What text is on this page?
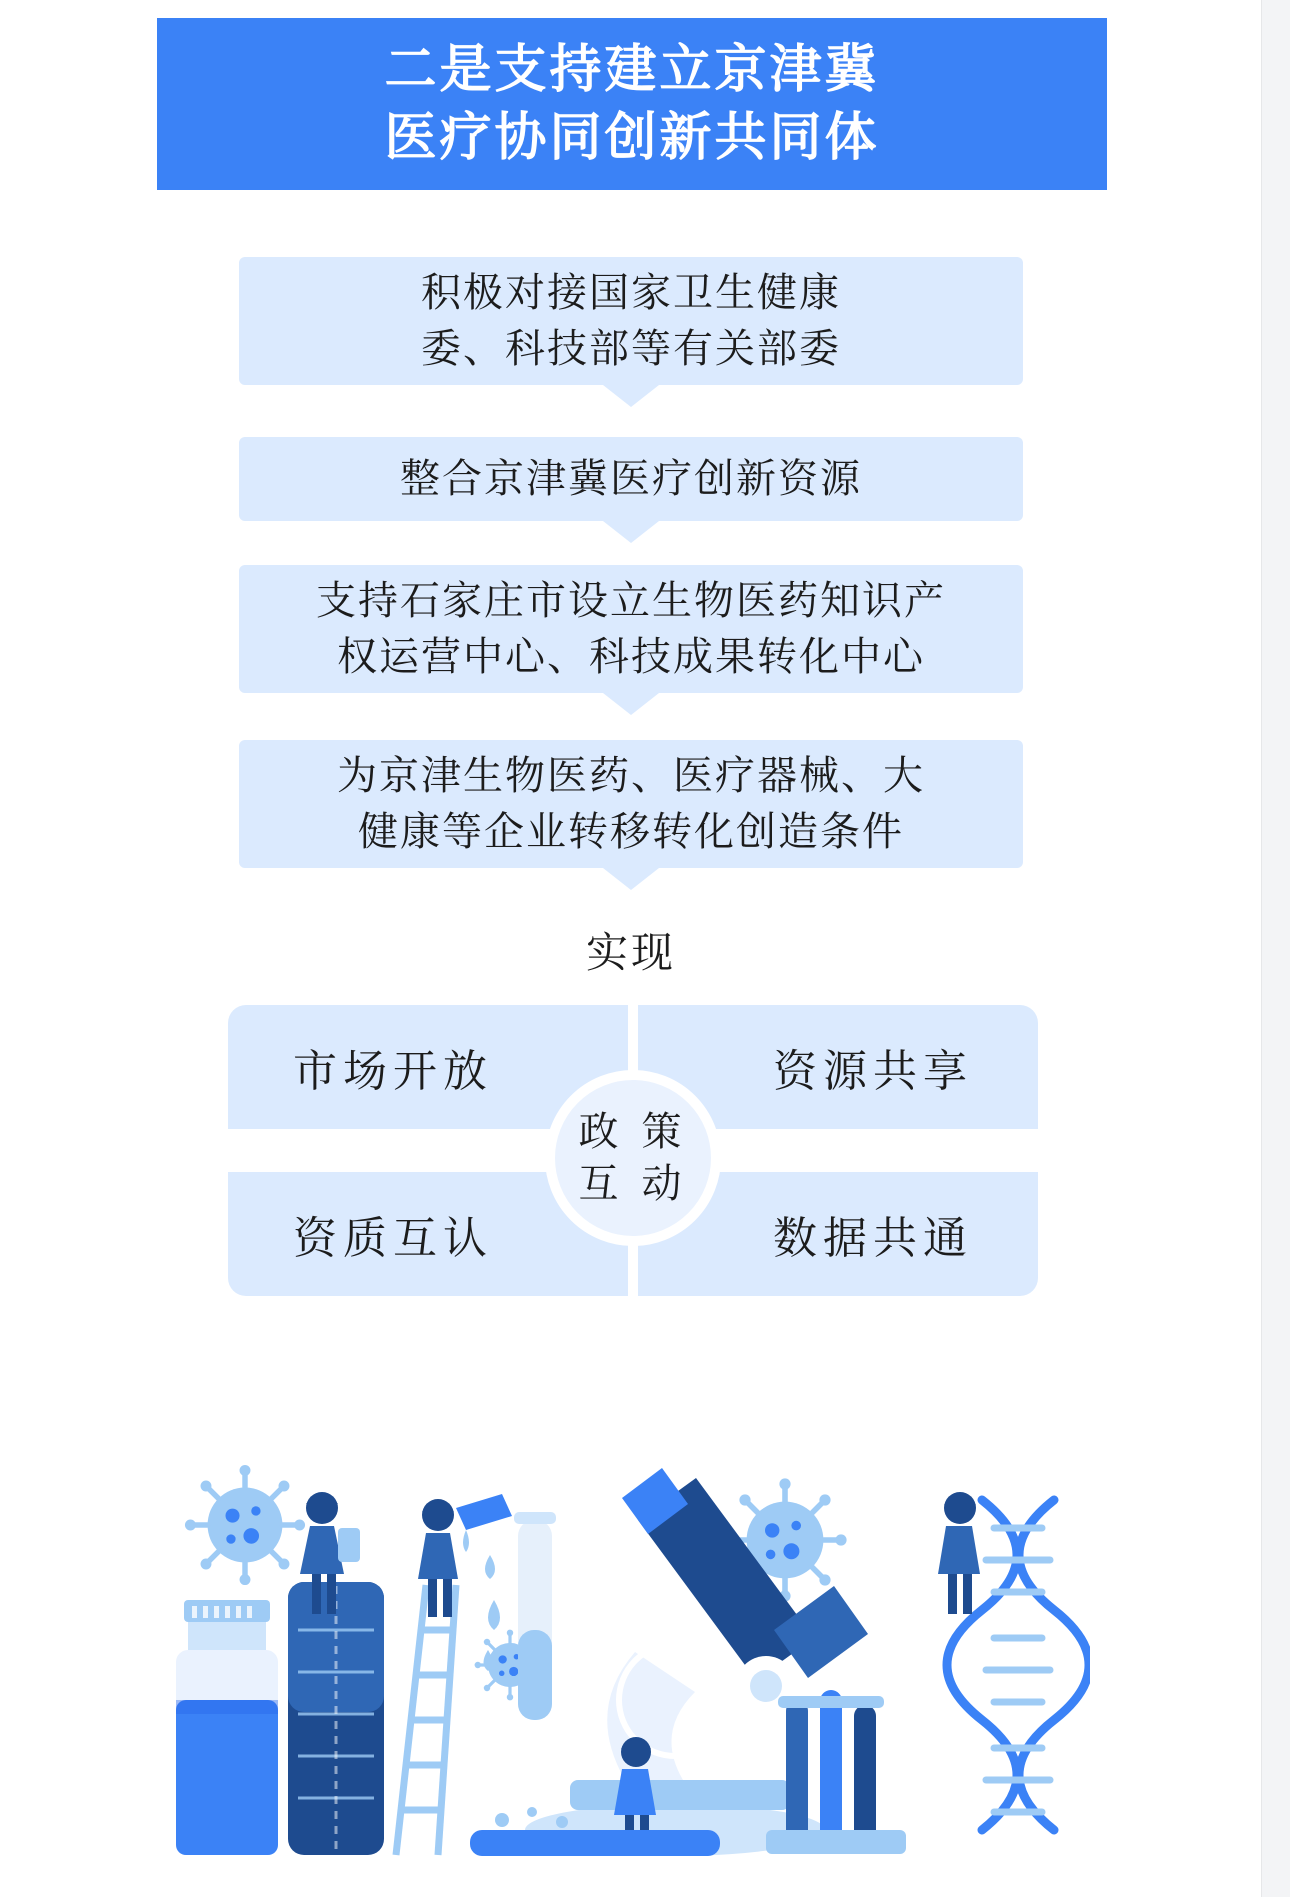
二是支持建立京津冀
医疗协同创新共同体
积极对接国家卫生健康
委、科技部等有关部委
整合京津冀医疗创新资源
支持石家庄市设立生物医药知识产
权运营中心、科技成果转化中心
为京津生物医药、医疗器械、大
健康等企业转移转化创造条件
实现
市场开放	资源共享
资质互认	数据共通
政 策
互 动
